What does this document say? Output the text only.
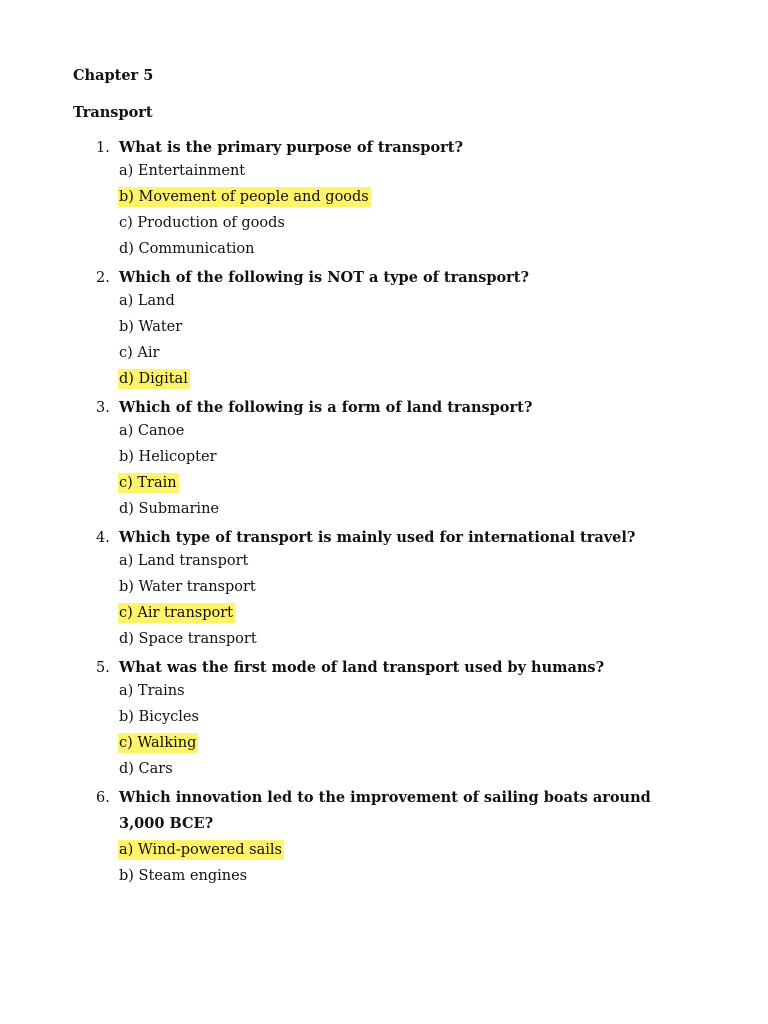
Chapter 5

Transport

1. What is the primary purpose of transport?

a) Entertainment
b) Movement of people and goods
c) Production of goods
d) Communication
2. Which of the following is NOT a type of transport?

a) Land
b) Water
c) Air
d) Digital
3. Which of the following is a form of land transport?

a) Canoe
b) Helicopter
c) Train
d) Submarine
4. Which type of transport is mainly used for international travel?

a) Land transport
b) Water transport
c) Air transport
d) Space transport
5. What was the first mode of land transport used by humans?

a) Trains
b) Bicycles
c) Walking
d) Cars
6. Which innovation led to the improvement of sailing boats around 3,000 BCE?

a) Wind-powered sails
b) Steam engines
